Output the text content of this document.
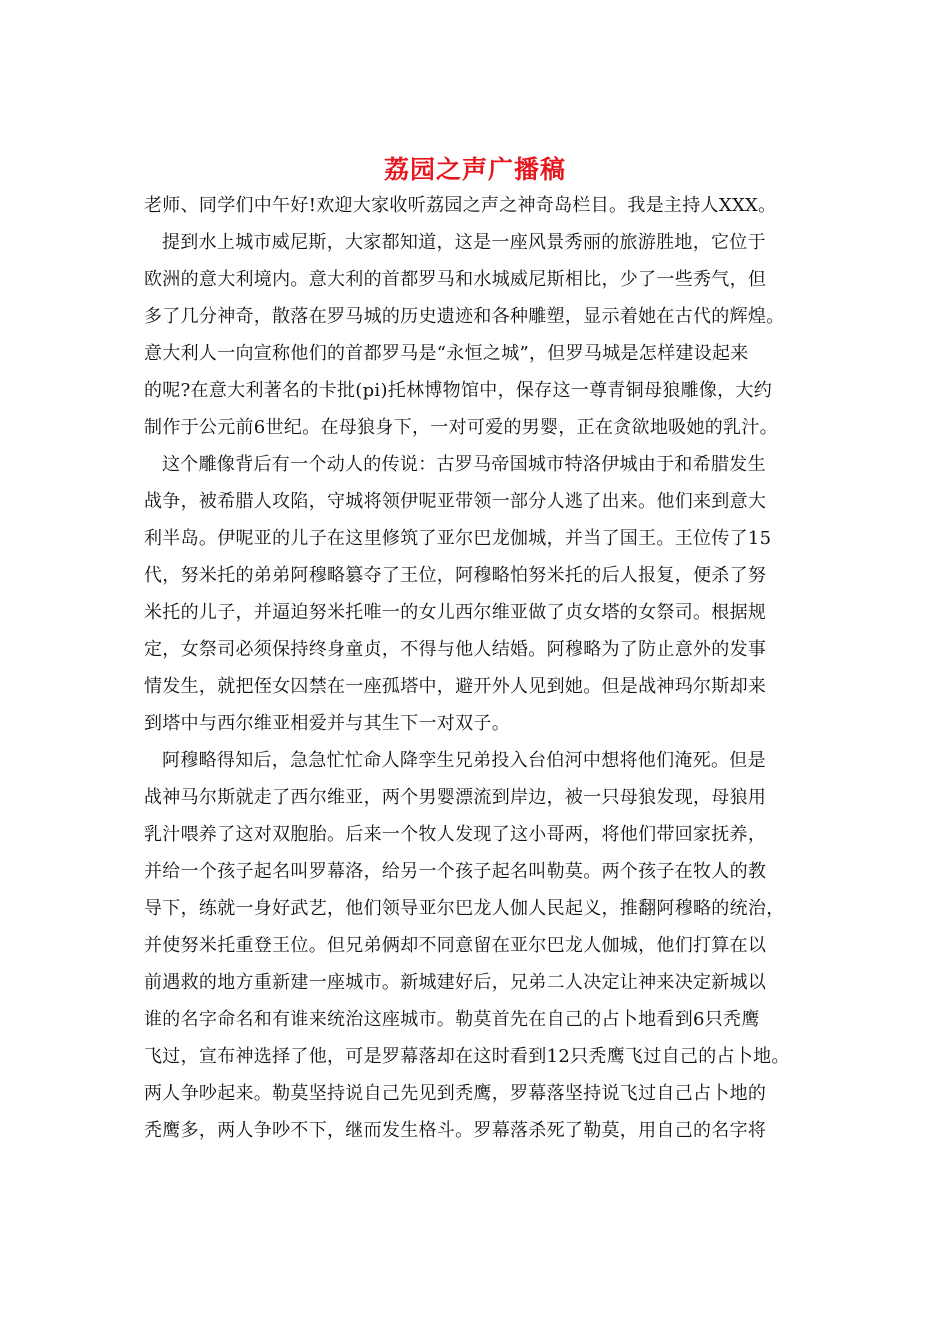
荔园之声广播稿
老师、同学们中午好!欢迎大家收听荔园之声之神奇岛栏目。我是主持人XXX。
提到水上城市威尼斯，大家都知道，这是一座风景秀丽的旅游胜地，它位于
欧洲的意大利境内。意大利的首都罗马和水城威尼斯相比，少了一些秀气，但
多了几分神奇，散落在罗马城的历史遗迹和各种雕塑，显示着她在古代的辉煌。
意大利人一向宣称他们的首都罗马是“永恒之城”，但罗马城是怎样建设起来
的呢?在意大利著名的卡批(pi)托林博物馆中，保存这一尊青铜母狼雕像，大约
制作于公元前6世纪。在母狼身下，一对可爱的男婴，正在贪欲地吸她的乳汁。
这个雕像背后有一个动人的传说：古罗马帝国城市特洛伊城由于和希腊发生
战争，被希腊人攻陷，守城将领伊呢亚带领一部分人逃了出来。他们来到意大
利半岛。伊呢亚的儿子在这里修筑了亚尔巴龙伽城，并当了国王。王位传了15
代，努米托的弟弟阿穆略篡夺了王位，阿穆略怕努米托的后人报复，便杀了努
米托的儿子，并逼迫努米托唯一的女儿西尔维亚做了贞女塔的女祭司。根据规
定，女祭司必须保持终身童贞，不得与他人结婚。阿穆略为了防止意外的发事
情发生，就把侄女囚禁在一座孤塔中，避开外人见到她。但是战神玛尔斯却来
到塔中与西尔维亚相爱并与其生下一对双子。
阿穆略得知后，急急忙忙命人降孪生兄弟投入台伯河中想将他们淹死。但是
战神马尔斯就走了西尔维亚，两个男婴漂流到岸边，被一只母狼发现，母狼用
乳汁喂养了这对双胞胎。后来一个牧人发现了这小哥两，将他们带回家抚养，
并给一个孩子起名叫罗幕洛，给另一个孩子起名叫勒莫。两个孩子在牧人的教
导下，练就一身好武艺，他们领导亚尔巴龙人伽人民起义，推翻阿穆略的统治，
并使努米托重登王位。但兄弟俩却不同意留在亚尔巴龙人伽城，他们打算在以
前遇救的地方重新建一座城市。新城建好后，兄弟二人决定让神来决定新城以
谁的名字命名和有谁来统治这座城市。勒莫首先在自己的占卜地看到6只秃鹰
飞过，宣布神选择了他，可是罗幕落却在这时看到12只秃鹰飞过自己的占卜地。
两人争吵起来。勒莫坚持说自己先见到秃鹰，罗幕落坚持说飞过自己占卜地的
秃鹰多，两人争吵不下，继而发生格斗。罗幕落杀死了勒莫，用自己的名字将
